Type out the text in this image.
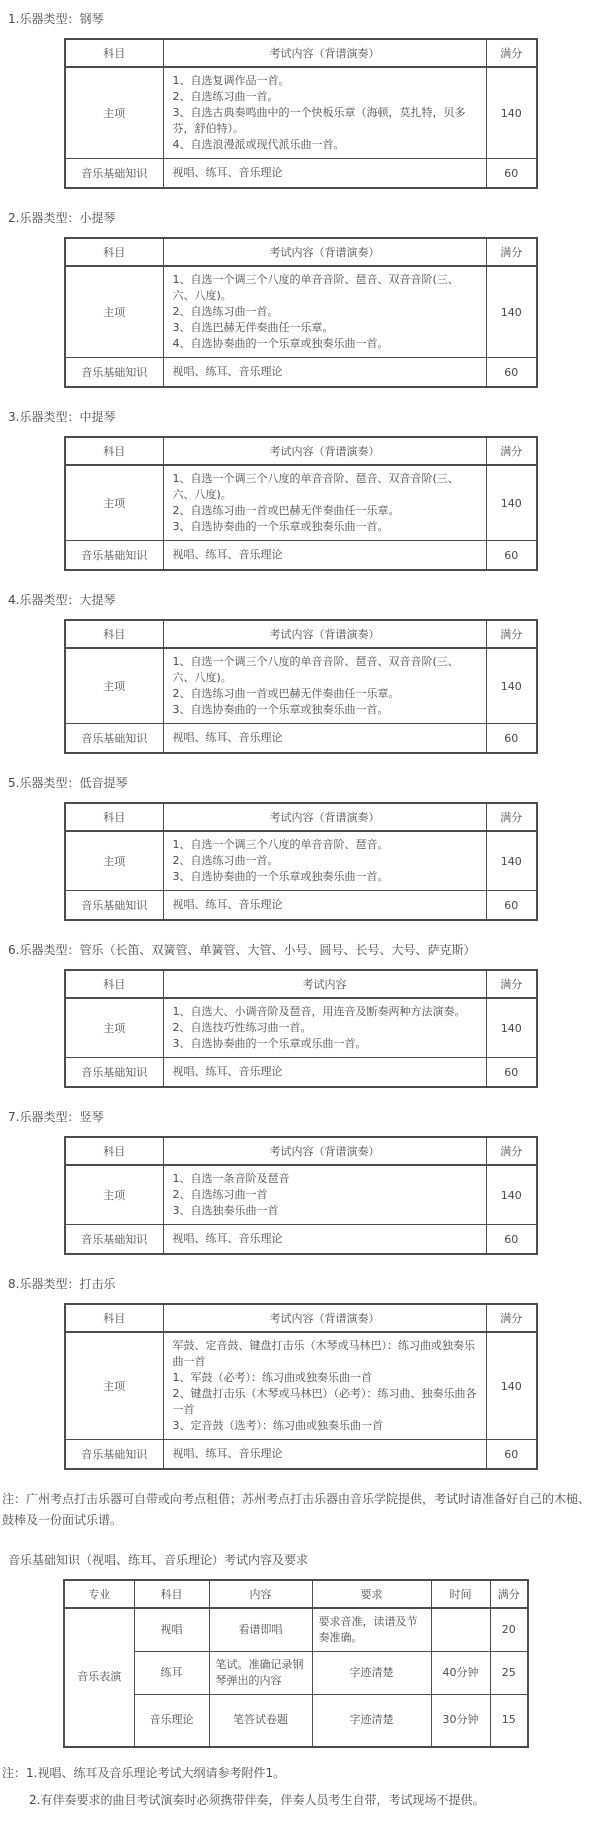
1.乐器类型：钢琴
科目	考试内容（背谱演奏）	满分
主项	1、自选复调作品一首。
2、自选练习曲一首。
3、自选古典奏鸣曲中的一个快板乐章（海顿，莫扎特，贝多芬，舒伯特）。
4、自选浪漫派或现代派乐曲一首。	140
音乐基础知识	视唱、练耳、音乐理论	60
2.乐器类型：小提琴
科目	考试内容（背谱演奏）	满分
主项	1、自选一个调三个八度的单音音阶、琶音、双音音阶(三、六、八度)。
2、自选练习曲一首。
3、自选巴赫无伴奏曲任一乐章。
4、自选协奏曲的一个乐章或独奏乐曲一首。	140
音乐基础知识	视唱、练耳、音乐理论	60
3.乐器类型：中提琴
科目	考试内容（背谱演奏）	满分
主项	1、自选一个调三个八度的单音音阶、琶音、双音音阶(三、六、八度)。
2、自选练习曲一首或巴赫无伴奏曲任一乐章。
3、自选协奏曲的一个乐章或独奏乐曲一首。	140
音乐基础知识	视唱、练耳、音乐理论	60
4.乐器类型：大提琴
科目	考试内容（背谱演奏）	满分
主项	1、自选一个调三个八度的单音音阶、琶音、双音音阶(三、六、八度)。
2、自选练习曲一首或巴赫无伴奏曲任一乐章。
3、自选协奏曲的一个乐章或独奏乐曲一首。	140
音乐基础知识	视唱、练耳、音乐理论	60
5.乐器类型：低音提琴
科目	考试内容（背谱演奏）	满分
主项	1、自选一个调三个八度的单音音阶、琶音。
2、自选练习曲一首。
3、自选协奏曲的一个乐章或独奏乐曲一首。	140
音乐基础知识	视唱、练耳、音乐理论	60
6.乐器类型：管乐（长笛、双簧管、单簧管、大管、小号、圆号、长号、大号、萨克斯）
科目	考试内容	满分
主项	1、自选大、小调音阶及琶音，用连音及断奏两种方法演奏。
2、自选技巧性练习曲一首。
3、自选协奏曲的一个乐章或乐曲一首。	140
音乐基础知识	视唱、练耳、音乐理论	60
7.乐器类型：竖琴
科目	考试内容（背谱演奏）	满分
主项	1、自选一条音阶及琶音
2、自选练习曲一首
3、自选独奏乐曲一首	140
音乐基础知识	视唱、练耳、音乐理论	60
8.乐器类型：打击乐
科目	考试内容（背谱演奏）	满分
主项	军鼓、定音鼓、键盘打击乐（木琴或马林巴）：练习曲或独奏乐曲一首
1、军鼓（必考）：练习曲或独奏乐曲一首
2、键盘打击乐（木琴或马林巴）（必考）：练习曲、独奏乐曲各一首
3、定音鼓（选考）：练习曲或独奏乐曲一首	140
音乐基础知识	视唱、练耳、音乐理论	60

注：广州考点打击乐器可自带或向考点租借；苏州考点打击乐器由音乐学院提供，考试时请准备好自己的木槌、鼓棒及一份面试乐谱。

音乐基础知识（视唱、练耳、音乐理论）考试内容及要求
专业	科目	内容	要求	时间	满分
音乐表演	视唱	看谱即唱	要求音准，读谱及节奏准确。		20
	练耳	笔试。准确记录钢琴弹出的内容	字迹清楚	40分钟	25
	音乐理论	笔答试卷题	字迹清楚	30分钟	15

注：1.视唱、练耳及音乐理论考试大纲请参考附件1。

2.有伴奏要求的曲目考试演奏时必须携带伴奏，伴奏人员考生自带，考试现场不提供。
